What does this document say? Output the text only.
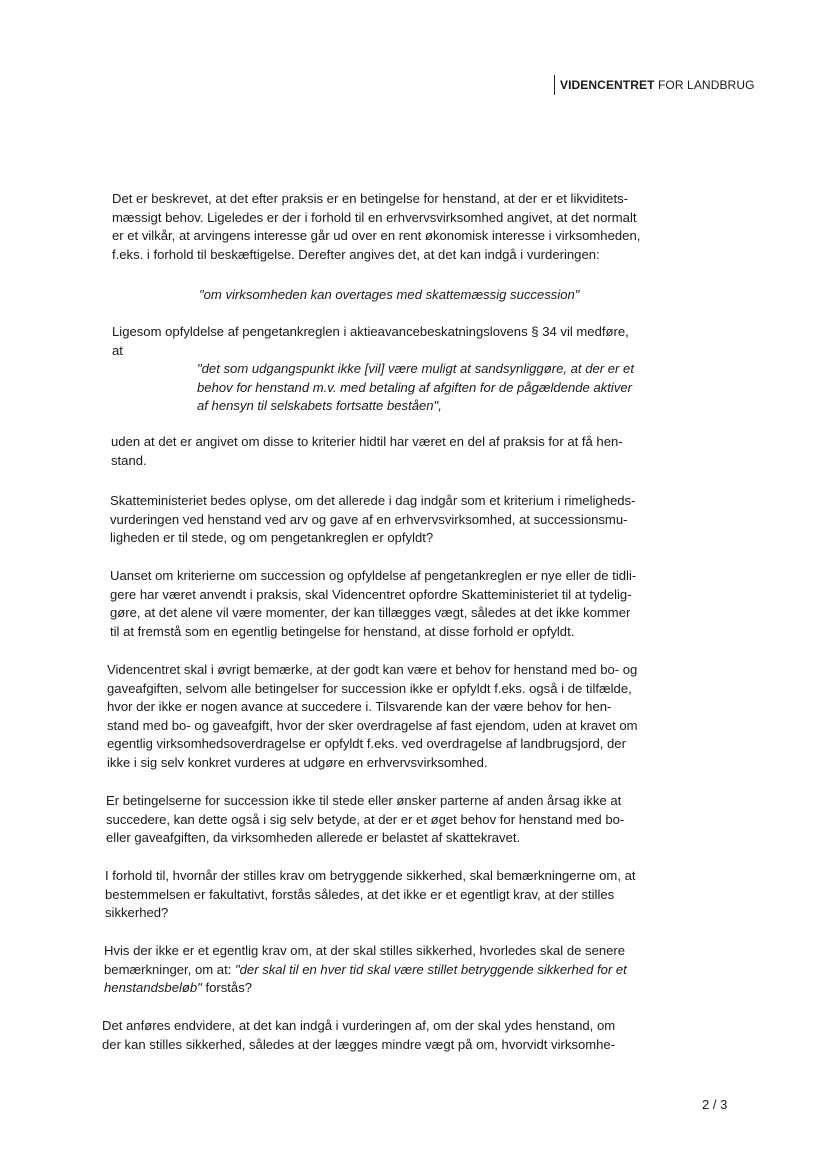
VIDENCENTRET FOR LANDBRUG

Det er beskrevet, at det efter praksis er en betingelse for henstand, at der er et likviditets-
mæssigt behov. Ligeledes er der i forhold til en erhvervsvirksomhed angivet, at det normalt
er et vilkår, at arvingens interesse går ud over en rent økonomisk interesse i virksomheden,
f.eks. i forhold til beskæftigelse. Derefter angives det, at det kan indgå i vurderingen:

"om virksomheden kan overtages med skattemæssig succession"

Ligesom opfyldelse af pengetankreglen i aktieavancebeskatningslovens § 34 vil medføre,
at

"det som udgangspunkt ikke [vil] være muligt at sandsynliggøre, at der er et
behov for henstand m.v. med betaling af afgiften for de pågældende aktiver
af hensyn til selskabets fortsatte beståen",

uden at det er angivet om disse to kriterier hidtil har været en del af praksis for at få hen-
stand.

Skatteministeriet bedes oplyse, om det allerede i dag indgår som et kriterium i rimeligheds-
vurderingen ved henstand ved arv og gave af en erhvervsvirksomhed, at successionsmu-
ligheden er til stede, og om pengetankreglen er opfyldt?

Uanset om kriterierne om succession og opfyldelse af pengetankreglen er nye eller de tidli-
gere har været anvendt i praksis, skal Videncentret opfordre Skatteministeriet til at tydelig-
gøre, at det alene vil være momenter, der kan tillægges vægt, således at det ikke kommer
til at fremstå som en egentlig betingelse for henstand, at disse forhold er opfyldt.

Videncentret skal i øvrigt bemærke, at der godt kan være et behov for henstand med bo- og
gaveafgiften, selvom alle betingelser for succession ikke er opfyldt f.eks. også i de tilfælde,
hvor der ikke er nogen avance at succedere i. Tilsvarende kan der være behov for hen-
stand med bo- og gaveafgift, hvor der sker overdragelse af fast ejendom, uden at kravet om
egentlig virksomhedsoverdragelse er opfyldt f.eks. ved overdragelse af landbrugsjord, der
ikke i sig selv konkret vurderes at udgøre en erhvervsvirksomhed.

Er betingelserne for succession ikke til stede eller ønsker parterne af anden årsag ikke at
succedere, kan dette også i sig selv betyde, at der er et øget behov for henstand med bo-
eller gaveafgiften, da virksomheden allerede er belastet af skattekravet.

I forhold til, hvornår der stilles krav om betryggende sikkerhed, skal bemærkningerne om, at
bestemmelsen er fakultativt, forstås således, at det ikke er et egentligt krav, at der stilles
sikkerhed?

Hvis der ikke er et egentlig krav om, at der skal stilles sikkerhed, hvorledes skal de senere
bemærkninger, om at: "der skal til en hver tid skal være stillet betryggende sikkerhed for et
henstandsbeløb" forstås?

Det anføres endvidere, at det kan indgå i vurderingen af, om der skal ydes henstand, om
der kan stilles sikkerhed, således at der lægges mindre vægt på om, hvorvidt virksomhe-

2 / 3
